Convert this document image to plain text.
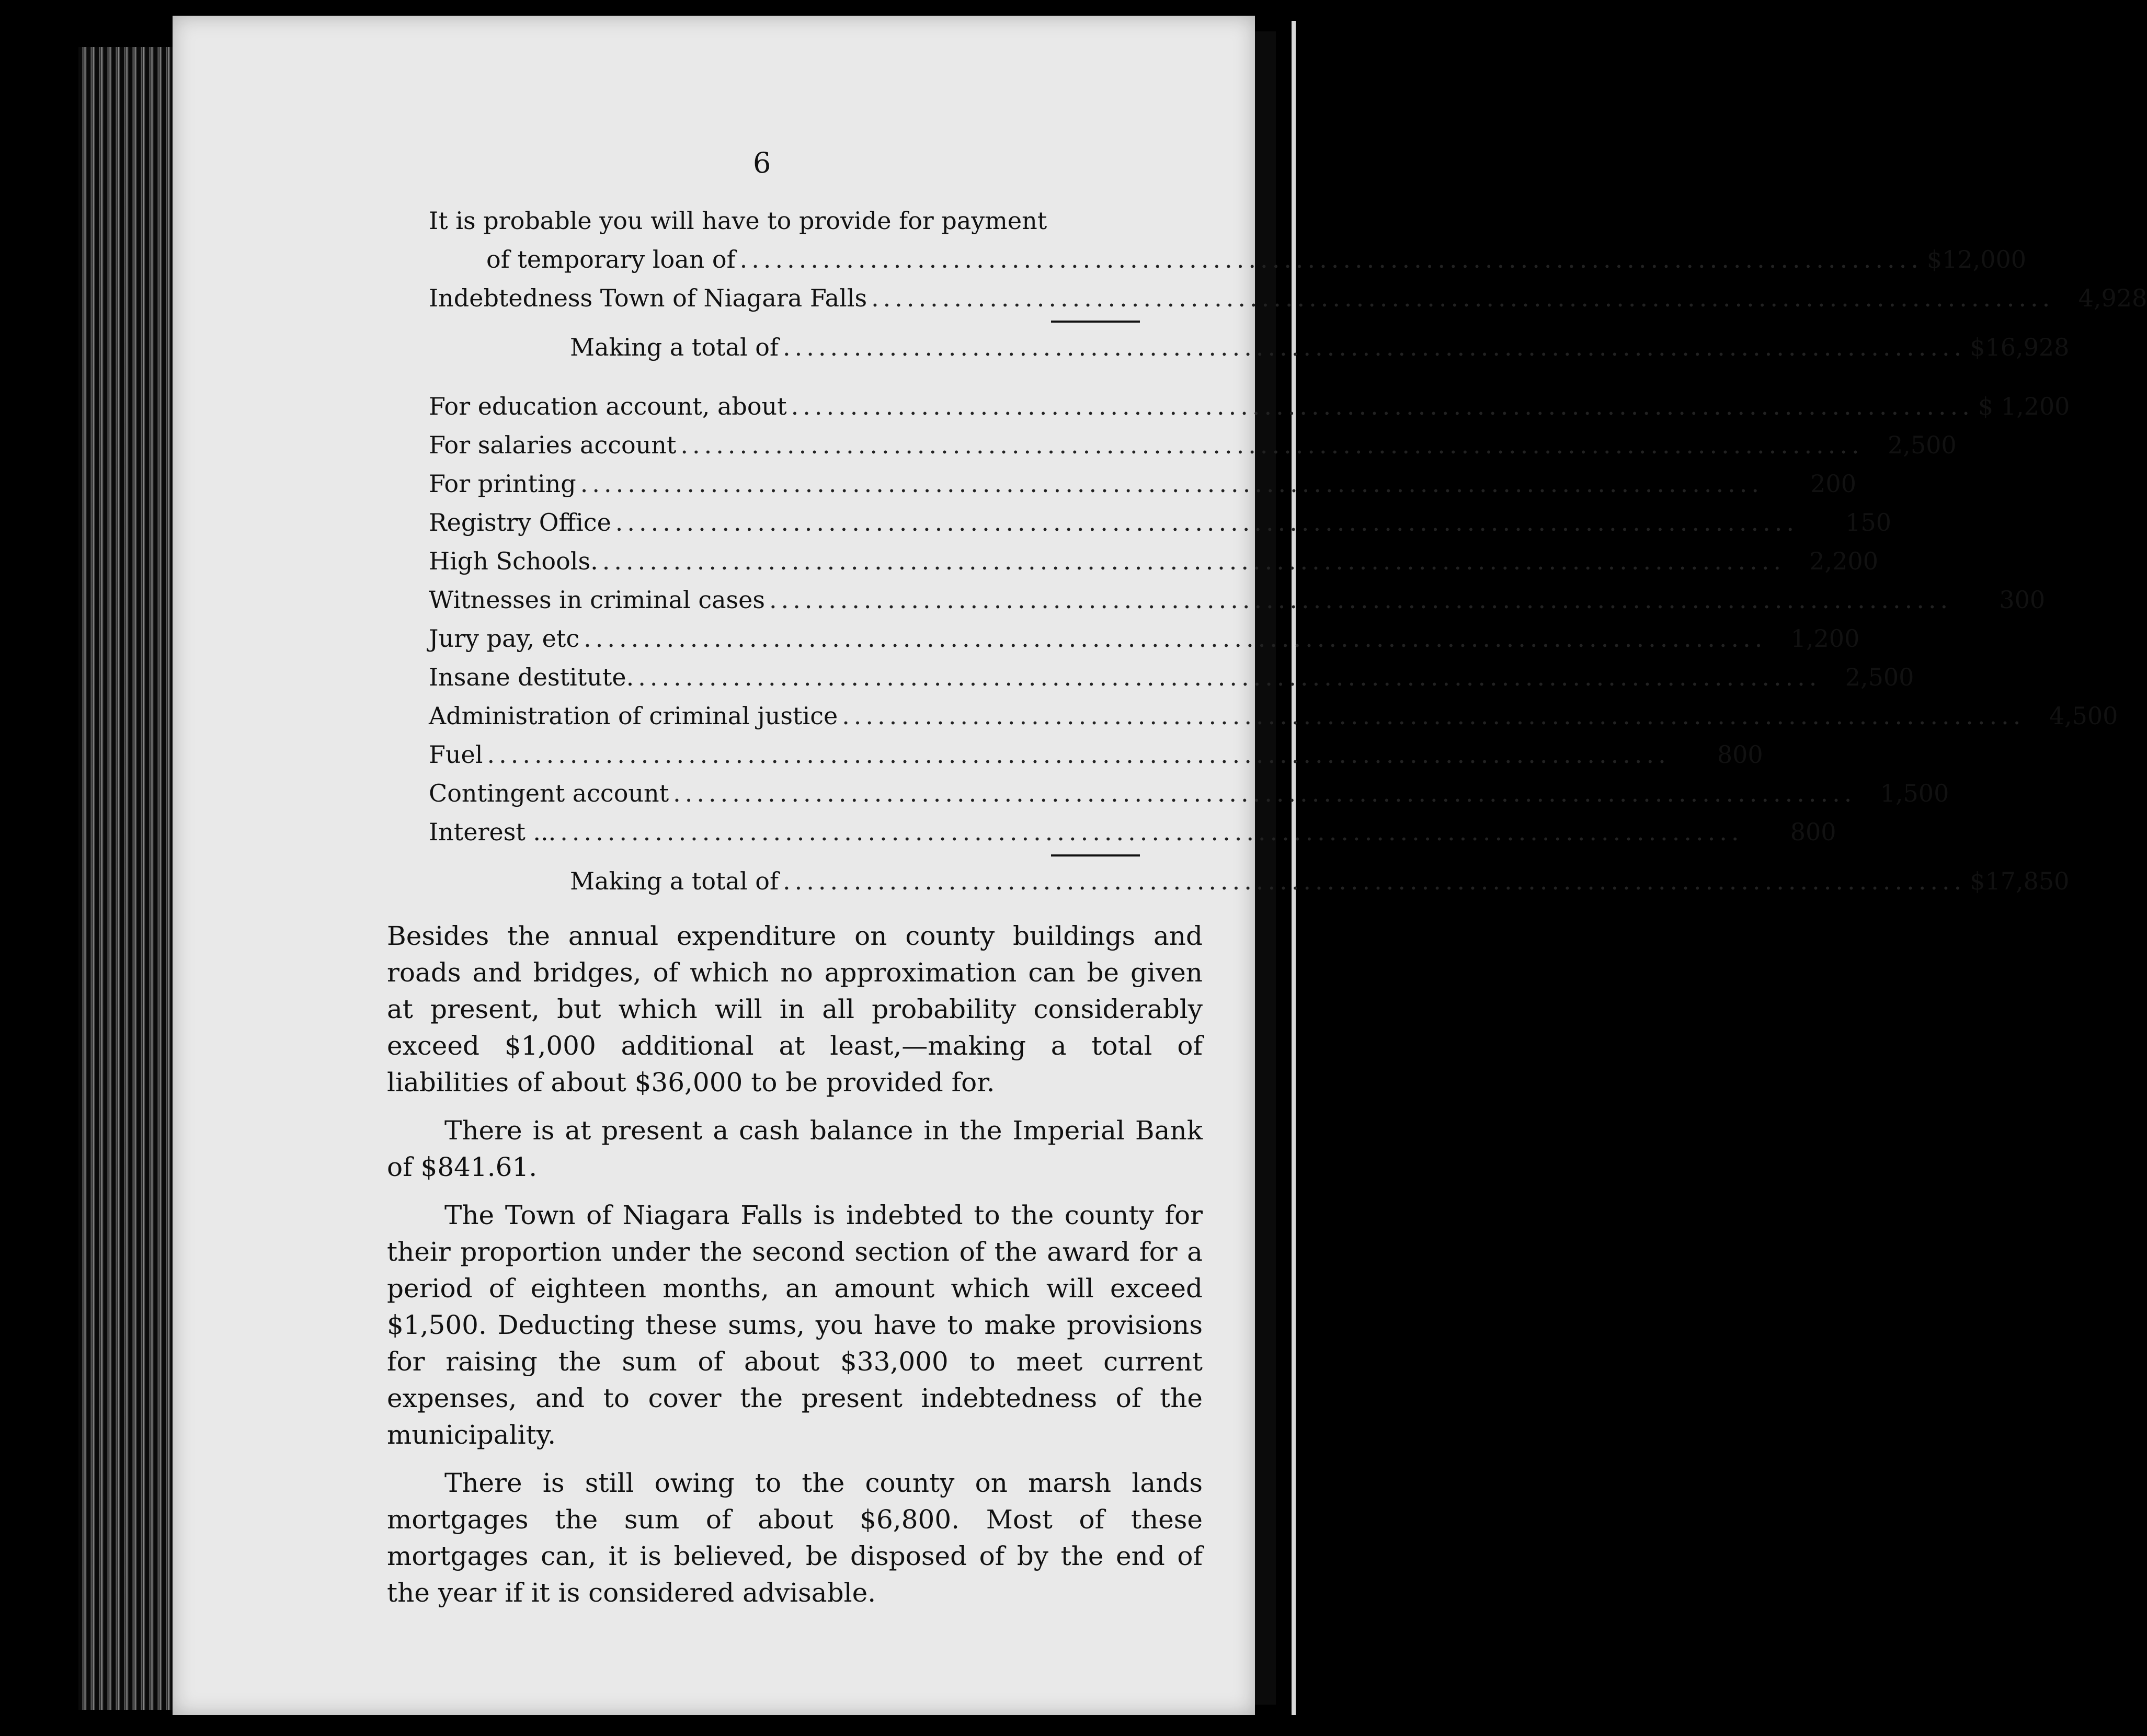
6
It is probable you will have to provide for payment
of temporary loan of .................................................................................................... $12,000
Indebtedness Town of Niagara Falls ....................................................................................................	4,928
Making a total of .................................................................................................... $16,928
For education account, about .................................................................................................... $ 1,200
For salaries account ....................................................................................................	2,500
For printing ....................................................................................................	200
Registry Office ....................................................................................................	150
High Schools. ....................................................................................................	2,200
Witnesses in criminal cases ....................................................................................................	300
Jury pay, etc ....................................................................................................	1,200
Insane destitute. ....................................................................................................	2,500
Administration of criminal justice ....................................................................................................	4,500
Fuel ....................................................................................................	800
Contingent account ....................................................................................................	1,500
Interest ... ....................................................................................................	800
Making a total of .................................................................................................... $17,850

Besides the annual expenditure on county buildings and roads and bridges, of which no approximation can be given at present, but which will in all probability considerably exceed $1,000 additional at least,—making a total of liabilities of about $36,000 to be provided for.

There is at present a cash balance in the Imperial Bank of $841.61.

The Town of Niagara Falls is indebted to the county for their proportion under the second section of the award for a period of eighteen months, an amount which will exceed $1,500. Deducting these sums, you have to make provisions for raising the sum of about $33,000 to meet current expenses, and to cover the present indebtedness of the municipality.

There is still owing to the county on marsh lands mortgages the sum of about $6,800. Most of these mortgages can, it is believed, be disposed of by the end of the year if it is considered advisable.
